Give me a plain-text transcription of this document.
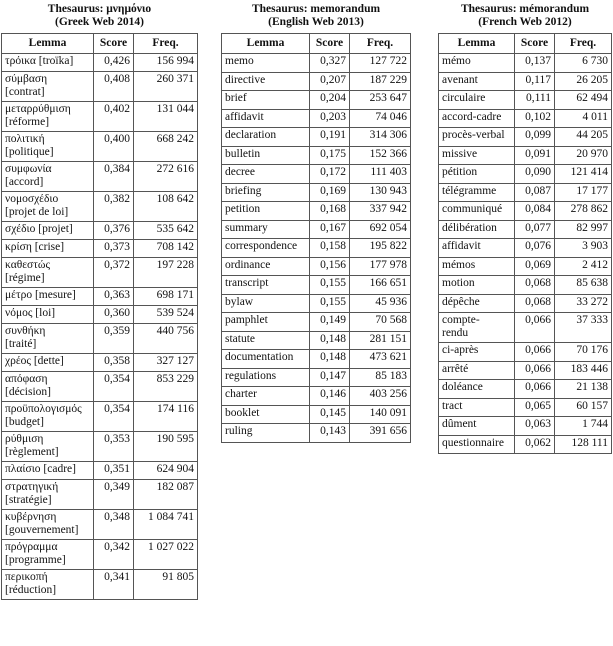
Thesaurus: μνημόνιο
(Greek Web 2014)
Lemma	Score	Freq.
τρόικα [troïka]	0,426	156 994
σύμβαση
[contrat]	0,408	260 371
μεταρρύθμιση
[réforme]	0,402	131 044
πολιτική
[politique]	0,400	668 242
συμφωνία
[accord]	0,384	272 616
νομοσχέδιο
[projet de loi]	0,382	108 642
σχέδιο [projet]	0,376	535 642
κρίση [crise]	0,373	708 142
καθεστώς
[régime]	0,372	197 228
μέτρο [mesure]	0,363	698 171
νόμος [loi]	0,360	539 524
συνθήκη
[traité]	0,359	440 756
χρέος [dette]	0,358	327 127
απόφαση
[décision]	0,354	853 229
προϋπολογισμός
[budget]	0,354	174 116
ρύθμιση
[règlement]	0,353	190 595
πλαίσιο [cadre]	0,351	624 904
στρατηγική
[stratégie]	0,349	182 087
κυβέρνηση
[gouvernement]	0,348	1 084 741
πρόγραμμα
[programme]	0,342	1 027 022
περικοπή
[réduction]	0,341	91 805
Thesaurus: memorandum
(English Web 2013)
Lemma	Score	Freq.
memo	0,327	127 722
directive	0,207	187 229
brief	0,204	253 647
affidavit	0,203	74 046
declaration	0,191	314 306
bulletin	0,175	152 366
decree	0,172	111 403
briefing	0,169	130 943
petition	0,168	337 942
summary	0,167	692 054
correspondence	0,158	195 822
ordinance	0,156	177 978
transcript	0,155	166 651
bylaw	0,155	45 936
pamphlet	0,149	70 568
statute	0,148	281 151
documentation	0,148	473 621
regulations	0,147	85 183
charter	0,146	403 256
booklet	0,145	140 091
ruling	0,143	391 656
Thesaurus: mémorandum
(French Web 2012)
Lemma	Score	Freq.
mémo	0,137	6 730
avenant	0,117	26 205
circulaire	0,111	62 494
accord-cadre	0,102	4 011
procès-verbal	0,099	44 205
missive	0,091	20 970
pétition	0,090	121 414
télégramme	0,087	17 177
communiqué	0,084	278 862
délibération	0,077	82 997
affidavit	0,076	3 903
mémos	0,069	2 412
motion	0,068	85 638
dépêche	0,068	33 272
compte-
rendu	0,066	37 333
ci-après	0,066	70 176
arrêté	0,066	183 446
doléance	0,066	21 138
tract	0,065	60 157
dûment	0,063	1 744
questionnaire	0,062	128 111
